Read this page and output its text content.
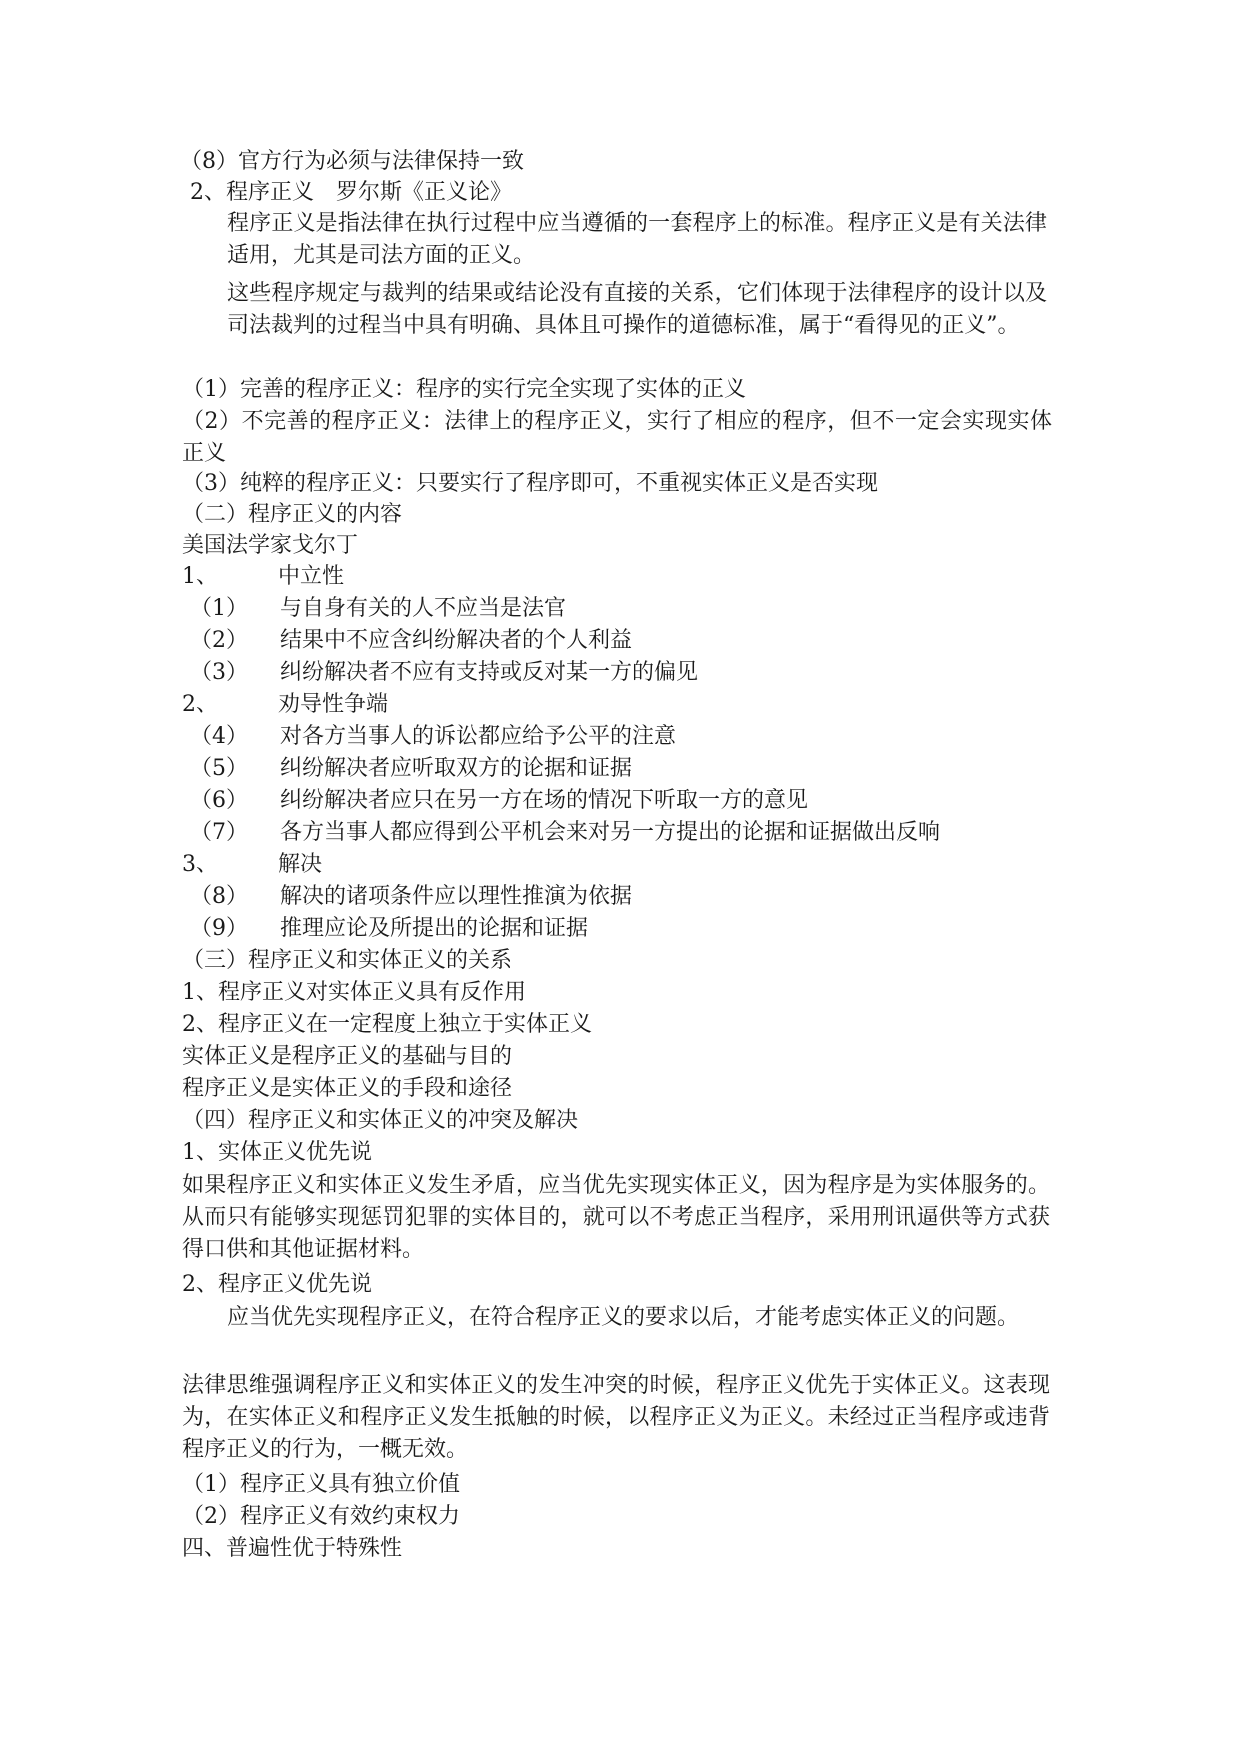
（8）官方行为必须与法律保持一致
2、程序正义　罗尔斯《正义论》
程序正义是指法律在执行过程中应当遵循的一套程序上的标准。程序正义是有关法律适用，尤其是司法方面的正义。
这些程序规定与裁判的结果或结论没有直接的关系，它们体现于法律程序的设计以及司法裁判的过程当中具有明确、具体且可操作的道德标准，属于“看得见的正义”。
（1）完善的程序正义：程序的实行完全实现了实体的正义
（2）不完善的程序正义：法律上的程序正义，实行了相应的程序，但不一定会实现实体正义
（3）纯粹的程序正义：只要实行了程序即可，不重视实体正义是否实现
（二）程序正义的内容
美国法学家戈尔丁
1、	中立性
（1） 与自身有关的人不应当是法官
（2） 结果中不应含纠纷解决者的个人利益
（3） 纠纷解决者不应有支持或反对某一方的偏见
2、	劝导性争端
（4） 对各方当事人的诉讼都应给予公平的注意
（5） 纠纷解决者应听取双方的论据和证据
（6） 纠纷解决者应只在另一方在场的情况下听取一方的意见
（7） 各方当事人都应得到公平机会来对另一方提出的论据和证据做出反响
3、	解决
（8） 解决的诸项条件应以理性推演为依据
（9） 推理应论及所提出的论据和证据
（三）程序正义和实体正义的关系
1、程序正义对实体正义具有反作用
2、程序正义在一定程度上独立于实体正义
实体正义是程序正义的基础与目的
程序正义是实体正义的手段和途径
（四）程序正义和实体正义的冲突及解决
1、实体正义优先说
如果程序正义和实体正义发生矛盾，应当优先实现实体正义，因为程序是为实体服务的。从而只有能够实现惩罚犯罪的实体目的，就可以不考虑正当程序，采用刑讯逼供等方式获得口供和其他证据材料。
2、程序正义优先说
应当优先实现程序正义，在符合程序正义的要求以后，才能考虑实体正义的问题。
法律思维强调程序正义和实体正义的发生冲突的时候，程序正义优先于实体正义。这表现为，在实体正义和程序正义发生抵触的时候，以程序正义为正义。未经过正当程序或违背程序正义的行为，一概无效。
（1）程序正义具有独立价值
（2）程序正义有效约束权力
四、普遍性优于特殊性
